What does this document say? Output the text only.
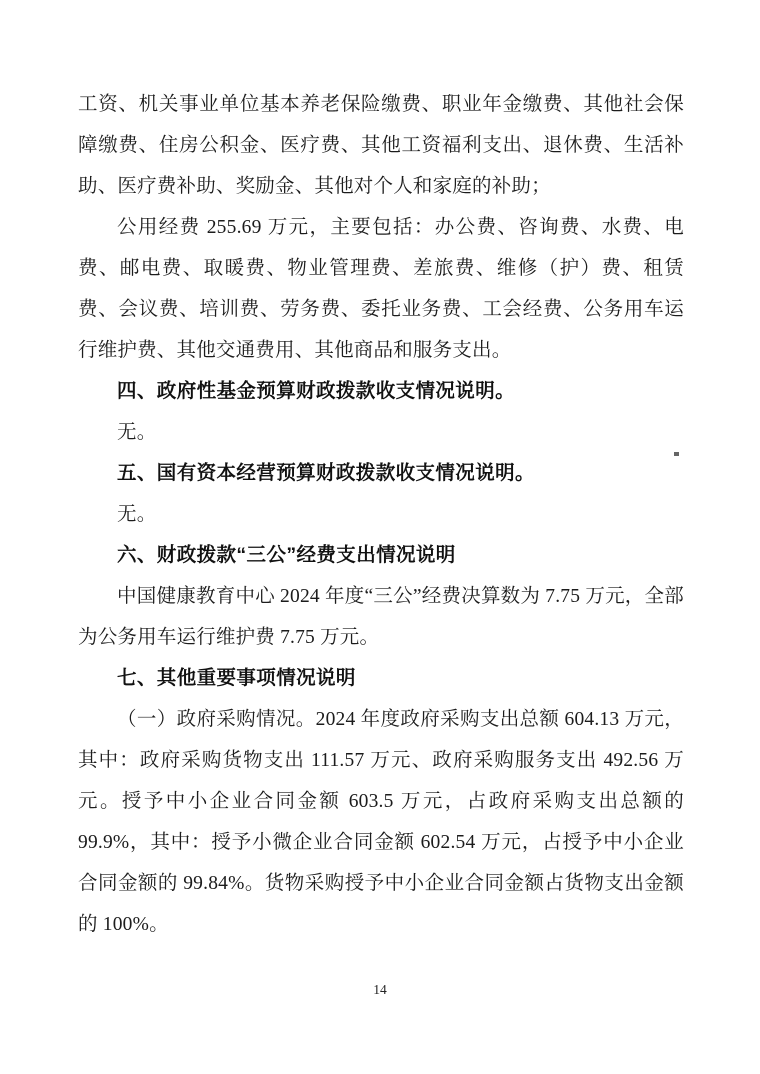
工资、机关事业单位基本养老保险缴费、职业年金缴费、其他社会保障缴费、住房公积金、医疗费、其他工资福利支出、退休费、生活补助、医疗费补助、奖励金、其他对个人和家庭的补助；

公用经费 255.69 万元，主要包括：办公费、咨询费、水费、电费、邮电费、取暖费、物业管理费、差旅费、维修（护）费、租赁费、会议费、培训费、劳务费、委托业务费、工会经费、公务用车运行维护费、其他交通费用、其他商品和服务支出。

四、政府性基金预算财政拨款收支情况说明。

无。

五、国有资本经营预算财政拨款收支情况说明。

无。

六、财政拨款“三公”经费支出情况说明

中国健康教育中心 2024 年度“三公”经费决算数为 7.75 万元，全部为公务用车运行维护费 7.75 万元。

七、其他重要事项情况说明

（一）政府采购情况。2024 年度政府采购支出总额 604.13 万元，其中：政府采购货物支出 111.57 万元、政府采购服务支出 492.56 万元。授予中小企业合同金额 603.5 万元，占政府采购支出总额的 99.9%，其中：授予小微企业合同金额 602.54 万元，占授予中小企业合同金额的 99.84%。货物采购授予中小企业合同金额占货物支出金额的 100%。

14
